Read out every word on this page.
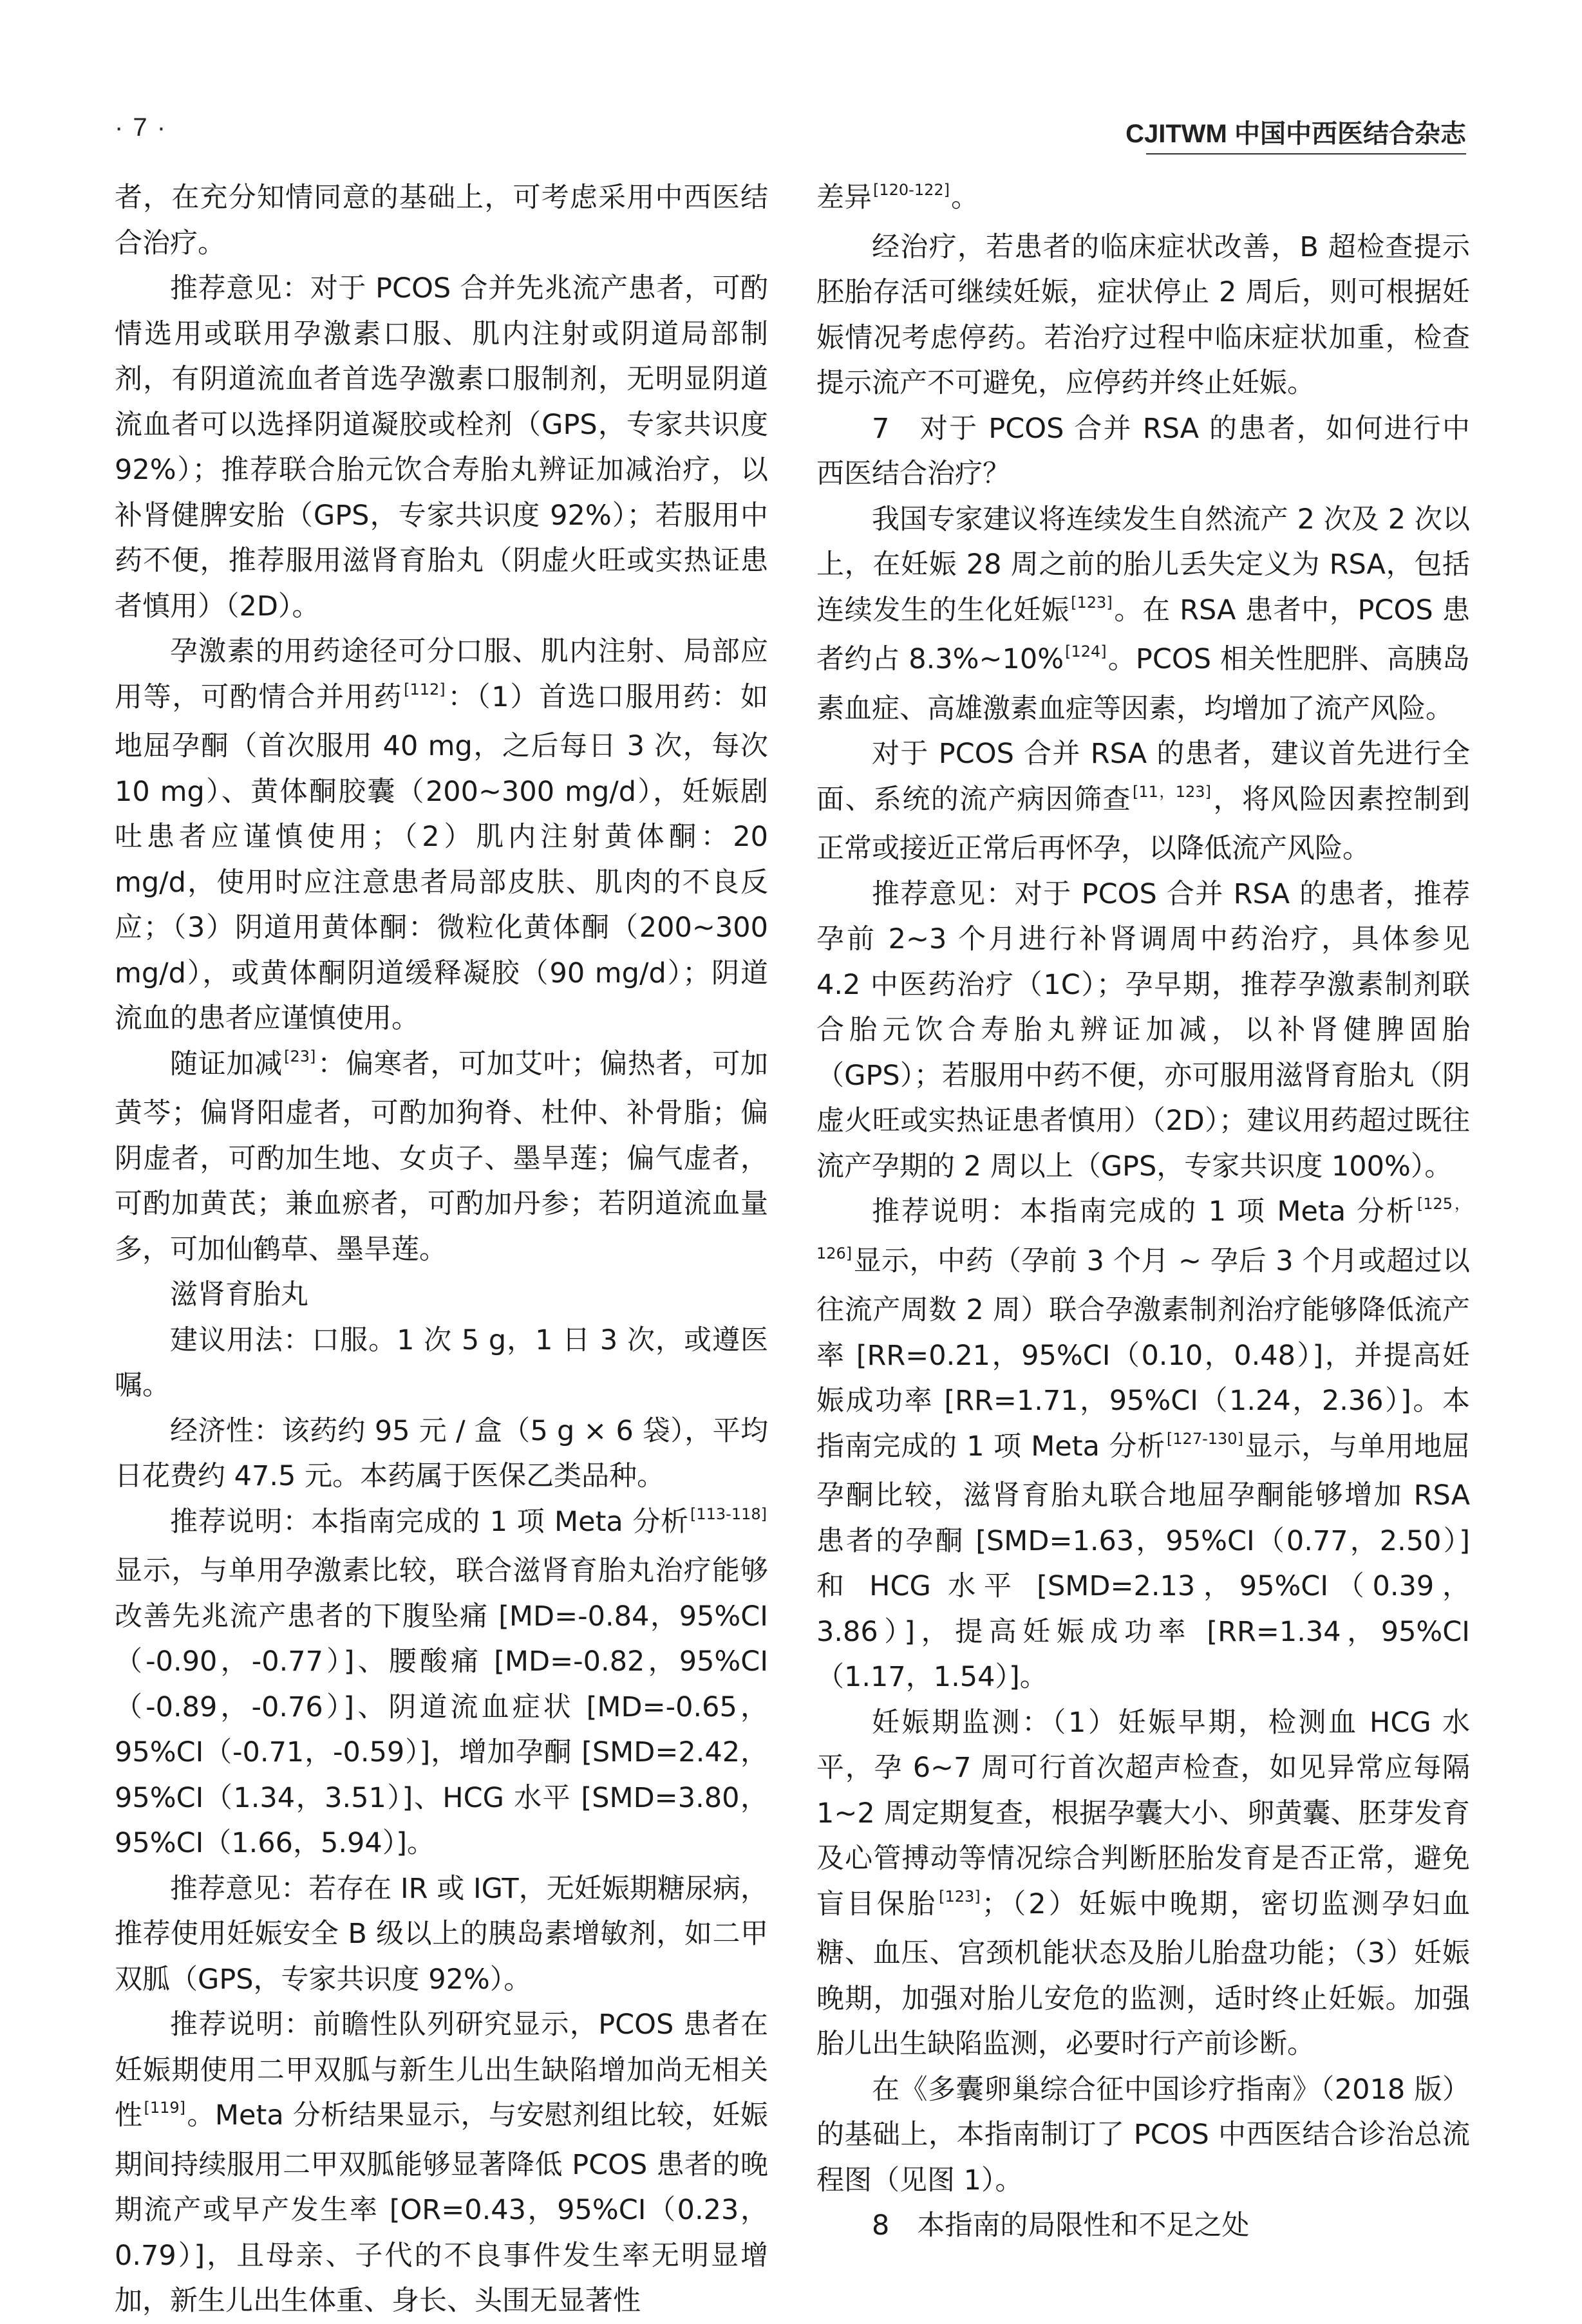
· 7 ·	CJITWM 中国中西医结合杂志

者，在充分知情同意的基础上，可考虑采用中西医结合治疗。

推荐意见：对于 PCOS 合并先兆流产患者，可酌情选用或联用孕激素口服、肌内注射或阴道局部制剂，有阴道流血者首选孕激素口服制剂，无明显阴道流血者可以选择阴道凝胶或栓剂（GPS，专家共识度 92%）；推荐联合胎元饮合寿胎丸辨证加减治疗，以补肾健脾安胎（GPS，专家共识度 92%）；若服用中药不便，推荐服用滋肾育胎丸（阴虚火旺或实热证患者慎用）（2D）。

孕激素的用药途径可分口服、肌内注射、局部应用等，可酌情合并用药[112]：（1）首选口服用药：如地屈孕酮（首次服用 40 mg，之后每日 3 次，每次 10 mg）、黄体酮胶囊（200~300 mg/d），妊娠剧吐患者应谨慎使用；（2）肌内注射黄体酮：20 mg/d，使用时应注意患者局部皮肤、肌肉的不良反应；（3）阴道用黄体酮：微粒化黄体酮（200~300 mg/d），或黄体酮阴道缓释凝胶（90 mg/d）；阴道流血的患者应谨慎使用。

随证加减[23]：偏寒者，可加艾叶；偏热者，可加黄芩；偏肾阳虚者，可酌加狗脊、杜仲、补骨脂；偏阴虚者，可酌加生地、女贞子、墨旱莲；偏气虚者，可酌加黄芪；兼血瘀者，可酌加丹参；若阴道流血量多，可加仙鹤草、墨旱莲。

滋肾育胎丸

建议用法：口服。1 次 5 g，1 日 3 次，或遵医嘱。

经济性：该药约 95 元 / 盒（5 g × 6 袋），平均日花费约 47.5 元。本药属于医保乙类品种。

推荐说明：本指南完成的 1 项 Meta 分析[113-118]显示，与单用孕激素比较，联合滋肾育胎丸治疗能够改善先兆流产患者的下腹坠痛 [MD=-0.84，95%CI（-0.90，-0.77）]、腰酸痛 [MD=-0.82，95%CI（-0.89，-0.76）]、阴道流血症状 [MD=-0.65，95%CI（-0.71，-0.59）]，增加孕酮 [SMD=2.42，95%CI（1.34，3.51）]、HCG 水平 [SMD=3.80，95%CI（1.66，5.94）]。

推荐意见：若存在 IR 或 IGT，无妊娠期糖尿病，推荐使用妊娠安全 B 级以上的胰岛素增敏剂，如二甲双胍（GPS，专家共识度 92%）。

推荐说明：前瞻性队列研究显示，PCOS 患者在妊娠期使用二甲双胍与新生儿出生缺陷增加尚无相关性[119]。Meta 分析结果显示，与安慰剂组比较，妊娠期间持续服用二甲双胍能够显著降低 PCOS 患者的晚期流产或早产发生率 [OR=0.43，95%CI（0.23，0.79）]，且母亲、子代的不良事件发生率无明显增加，新生儿出生体重、身长、头围无显著性

差异[120-122]。

经治疗，若患者的临床症状改善，B 超检查提示胚胎存活可继续妊娠，症状停止 2 周后，则可根据妊娠情况考虑停药。若治疗过程中临床症状加重，检查提示流产不可避免，应停药并终止妊娠。

7　对于 PCOS 合并 RSA 的患者，如何进行中西医结合治疗？

我国专家建议将连续发生自然流产 2 次及 2 次以上，在妊娠 28 周之前的胎儿丢失定义为 RSA，包括连续发生的生化妊娠[123]。在 RSA 患者中，PCOS 患者约占 8.3%~10%[124]。PCOS 相关性肥胖、高胰岛素血症、高雄激素血症等因素，均增加了流产风险。

对于 PCOS 合并 RSA 的患者，建议首先进行全面、系统的流产病因筛查[11，123]，将风险因素控制到正常或接近正常后再怀孕，以降低流产风险。

推荐意见：对于 PCOS 合并 RSA 的患者，推荐孕前 2~3 个月进行补肾调周中药治疗，具体参见 4.2 中医药治疗（1C）；孕早期，推荐孕激素制剂联合胎元饮合寿胎丸辨证加减，以补肾健脾固胎（GPS）；若服用中药不便，亦可服用滋肾育胎丸（阴虚火旺或实热证患者慎用）（2D）；建议用药超过既往流产孕期的 2 周以上（GPS，专家共识度 100%）。

推荐说明：本指南完成的 1 项 Meta 分析[125，126]显示，中药（孕前 3 个月 ~ 孕后 3 个月或超过以往流产周数 2 周）联合孕激素制剂治疗能够降低流产率 [RR=0.21，95%CI（0.10，0.48）]，并提高妊娠成功率 [RR=1.71，95%CI（1.24，2.36）]。本指南完成的 1 项 Meta 分析[127-130]显示，与单用地屈孕酮比较，滋肾育胎丸联合地屈孕酮能够增加 RSA 患者的孕酮 [SMD=1.63，95%CI（0.77，2.50）] 和 HCG 水平 [SMD=2.13，95%CI（0.39，3.86）]，提高妊娠成功率 [RR=1.34，95%CI（1.17，1.54）]。

妊娠期监测：（1）妊娠早期，检测血 HCG 水平，孕 6~7 周可行首次超声检查，如见异常应每隔 1~2 周定期复查，根据孕囊大小、卵黄囊、胚芽发育及心管搏动等情况综合判断胚胎发育是否正常，避免盲目保胎[123]；（2）妊娠中晚期，密切监测孕妇血糖、血压、宫颈机能状态及胎儿胎盘功能；（3）妊娠晚期，加强对胎儿安危的监测，适时终止妊娠。加强胎儿出生缺陷监测，必要时行产前诊断。

在《多囊卵巢综合征中国诊疗指南》（2018 版）的基础上，本指南制订了 PCOS 中西医结合诊治总流程图（见图 1）。

8　本指南的局限性和不足之处
